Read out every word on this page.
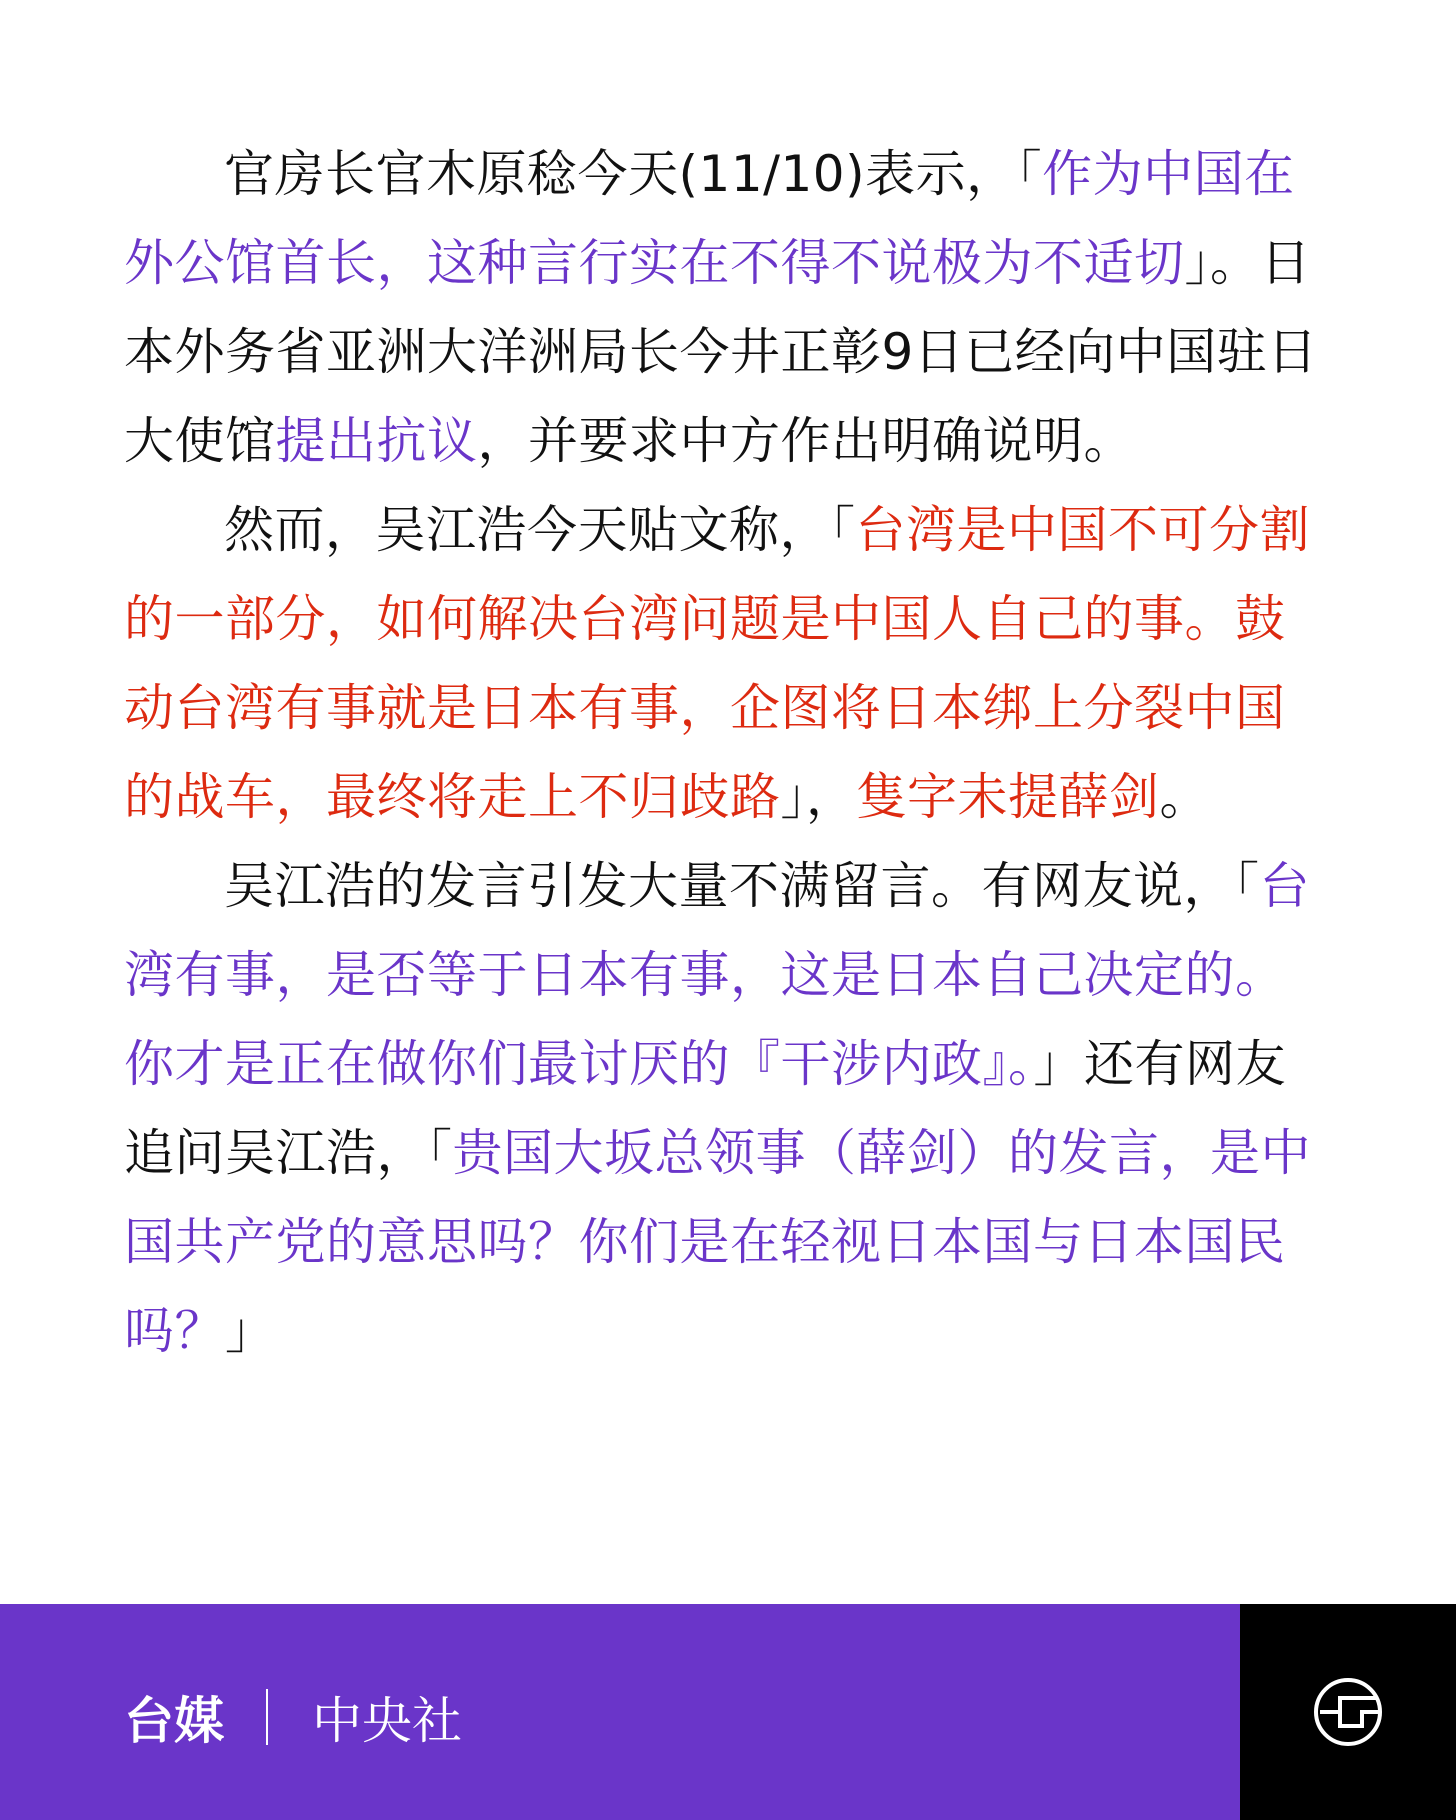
官房长官木原稔今天(11/10)表示，「作为中国在外公馆首长，这种言行实在不得不说极为不适切」。日本外务省亚洲大洋洲局长今井正彰9日已经向中国驻日大使馆提出抗议，并要求中方作出明确说明。

然而，吴江浩今天贴文称，「台湾是中国不可分割的一部分，如何解决台湾问题是中国人自己的事。鼓动台湾有事就是日本有事，企图将日本绑上分裂中国的战车，最终将走上不归歧路」，隻字未提薛剑。

吴江浩的发言引发大量不满留言。有网友说，「台湾有事，是否等于日本有事，这是日本自己决定的。你才是正在做你们最讨厌的『干涉内政』。」还有网友追问吴江浩，「贵国大坂总领事（薛剑）的发言，是中国共产党的意思吗？你们是在轻视日本国与日本国民吗？」

台媒 中央社
